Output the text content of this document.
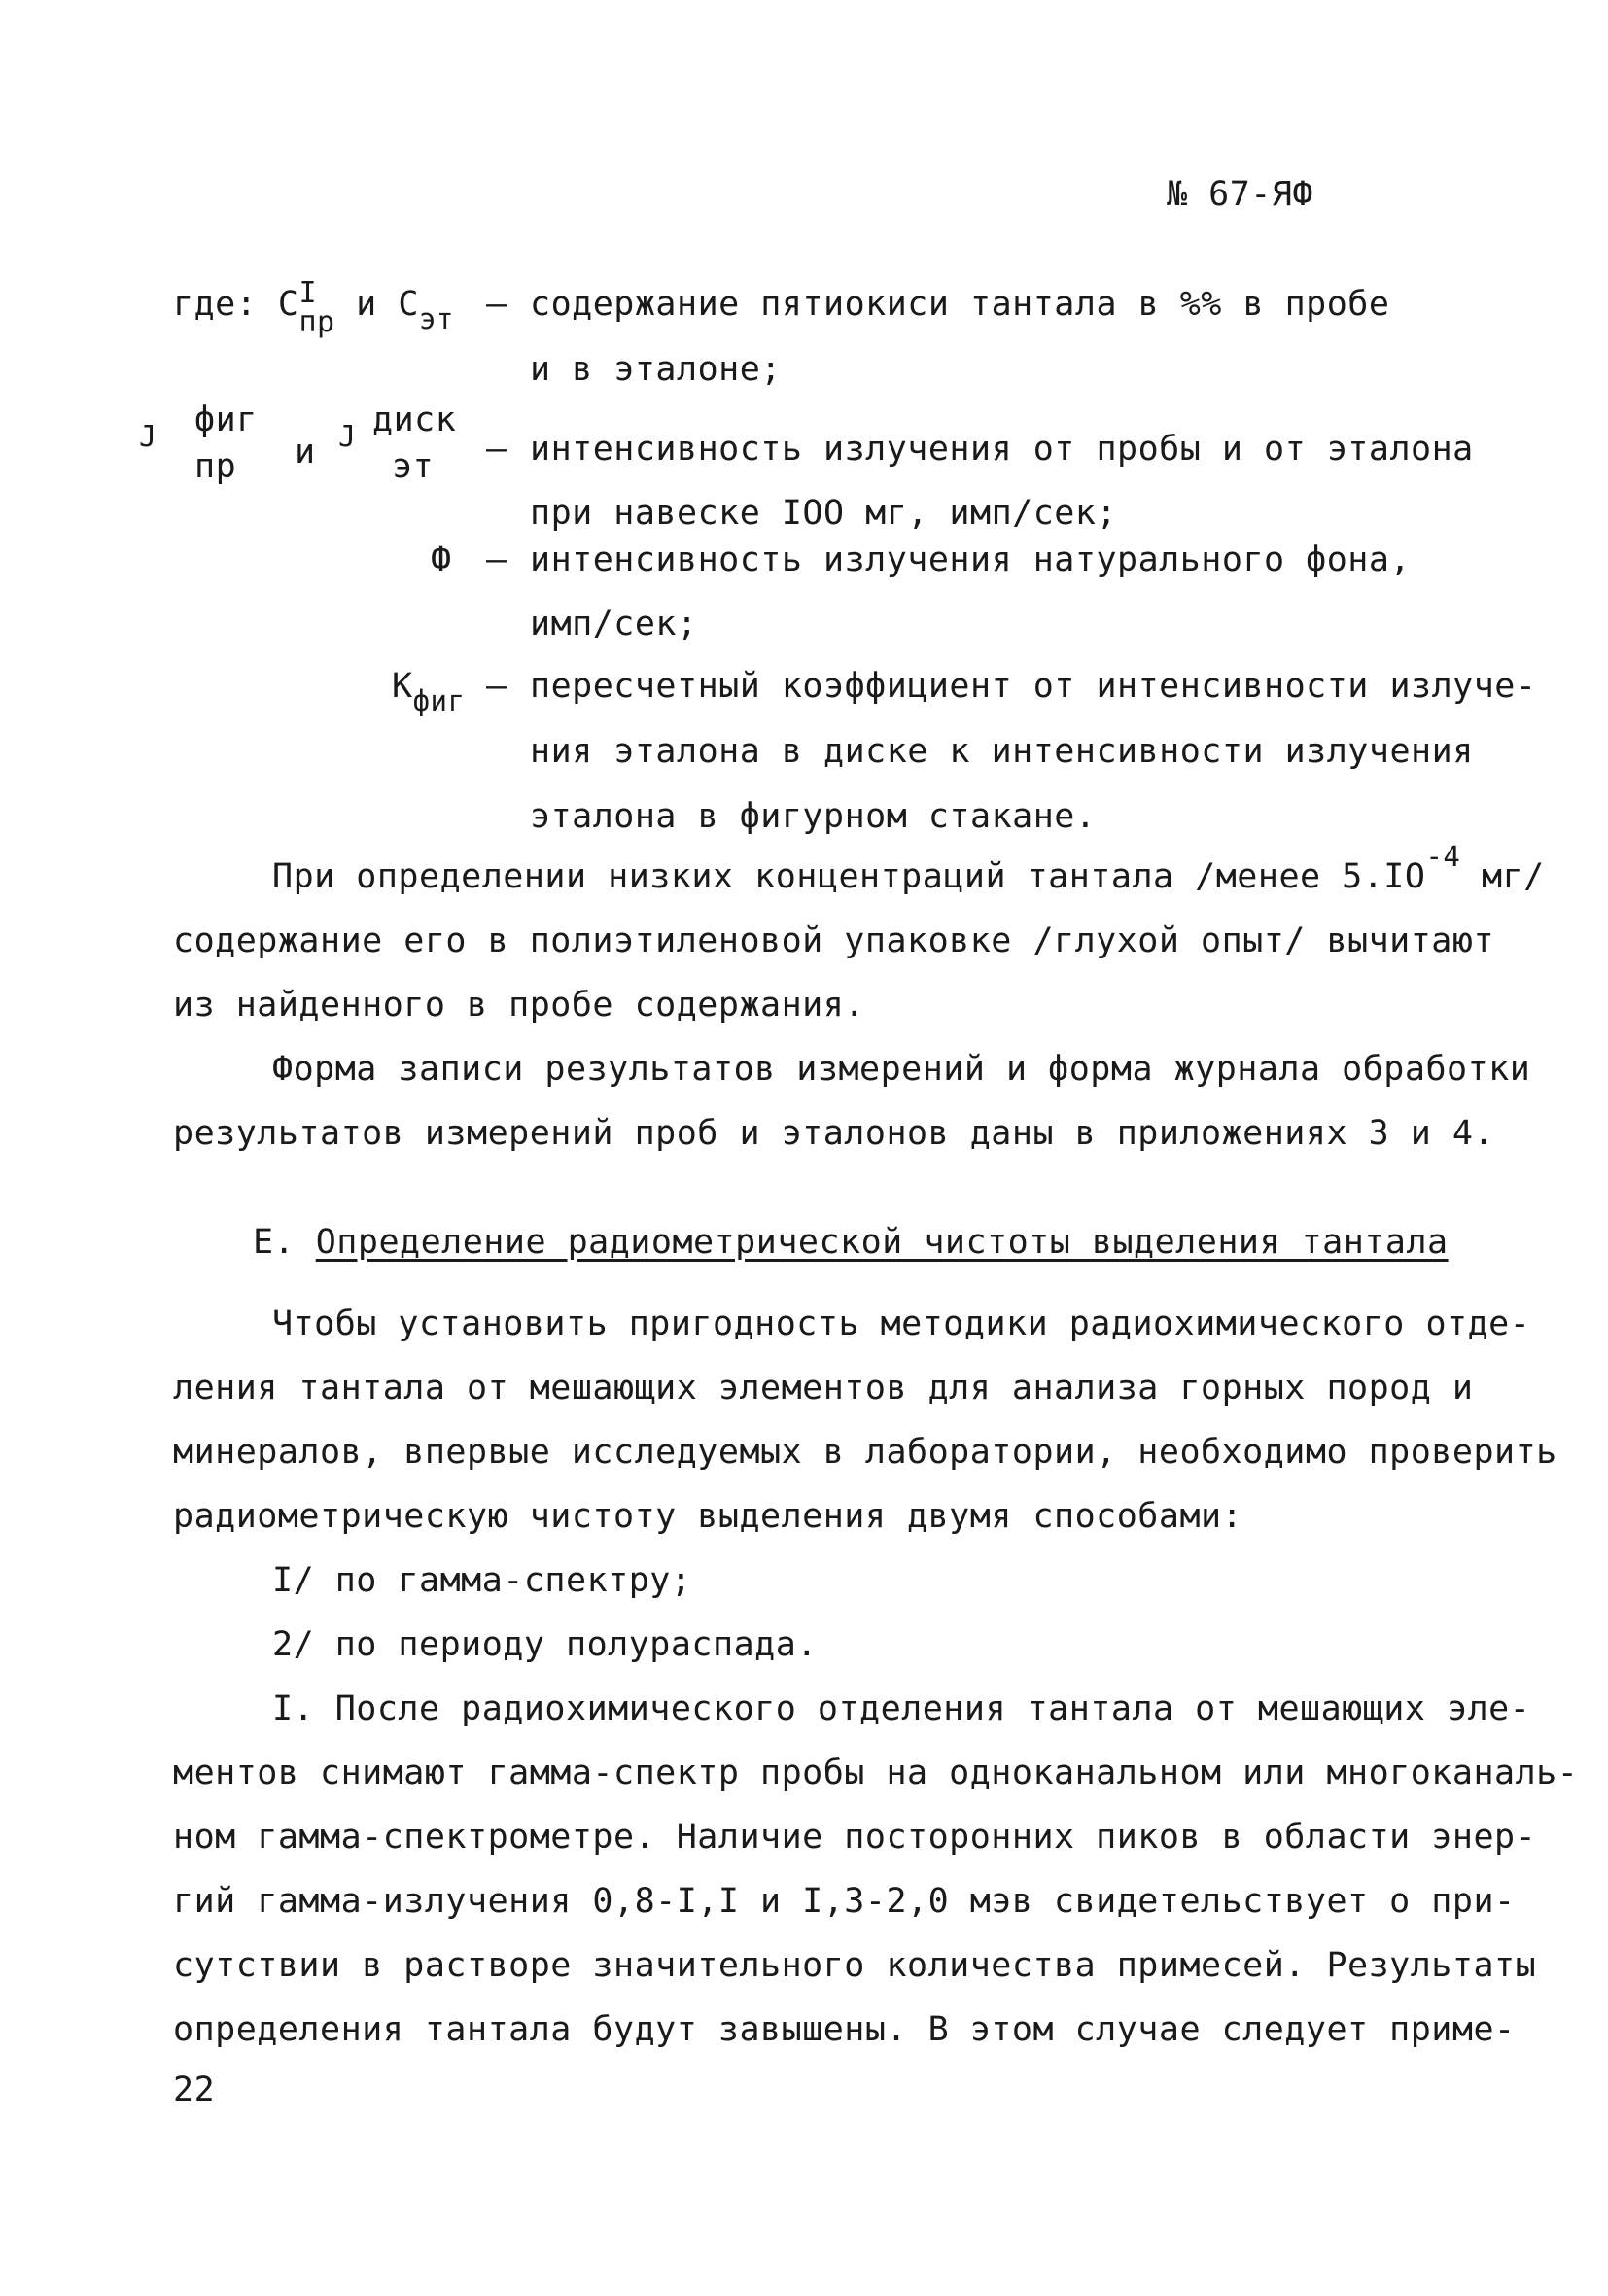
№ 67-ЯФ
где: C I
пр и $C_{эт}$ – содержание пятиокиси тантала в %% в пробе
и в эталоне;
J фиг
пр и J диск
эт – интенсивность излучения от пробы и от эталона
при навеске IOO мг, имп/сек;
Ф – интенсивность излучения натурального фона,
имп/сек;
$K_{фиг}$ – пересчетный коэффициент от интенсивности излуче-
ния эталона в диске к интенсивности излучения
эталона в фигурном стакане.
При определении низких концентраций тантала /менее $5.IO^{-4}$ мг/
содержание его в полиэтиленовой упаковке /глухой опыт/ вычитают
из найденного в пробе содержания.
Форма записи результатов измерений и форма журнала обработки
результатов измерений проб и эталонов даны в приложениях 3 и 4.
Е. Определение радиометрической чистоты выделения тантала
Чтобы установить пригодность методики радиохимического отде-
ления тантала от мешающих элементов для анализа горных пород и
минералов, впервые исследуемых в лаборатории, необходимо проверить
радиометрическую чистоту выделения двумя способами:
I/ по гамма-спектру;
2/ по периоду полураспада.
I. После радиохимического отделения тантала от мешающих эле-
ментов снимают гамма-спектр пробы на одноканальном или многоканаль-
ном гамма-спектрометре. Наличие посторонних пиков в области энер-
гий гамма-излучения 0,8-I,I и I,3-2,0 мэв свидетельствует о при-
сутствии в растворе значительного количества примесей. Результаты
определения тантала будут завышены. В этом случае следует приме-
22
